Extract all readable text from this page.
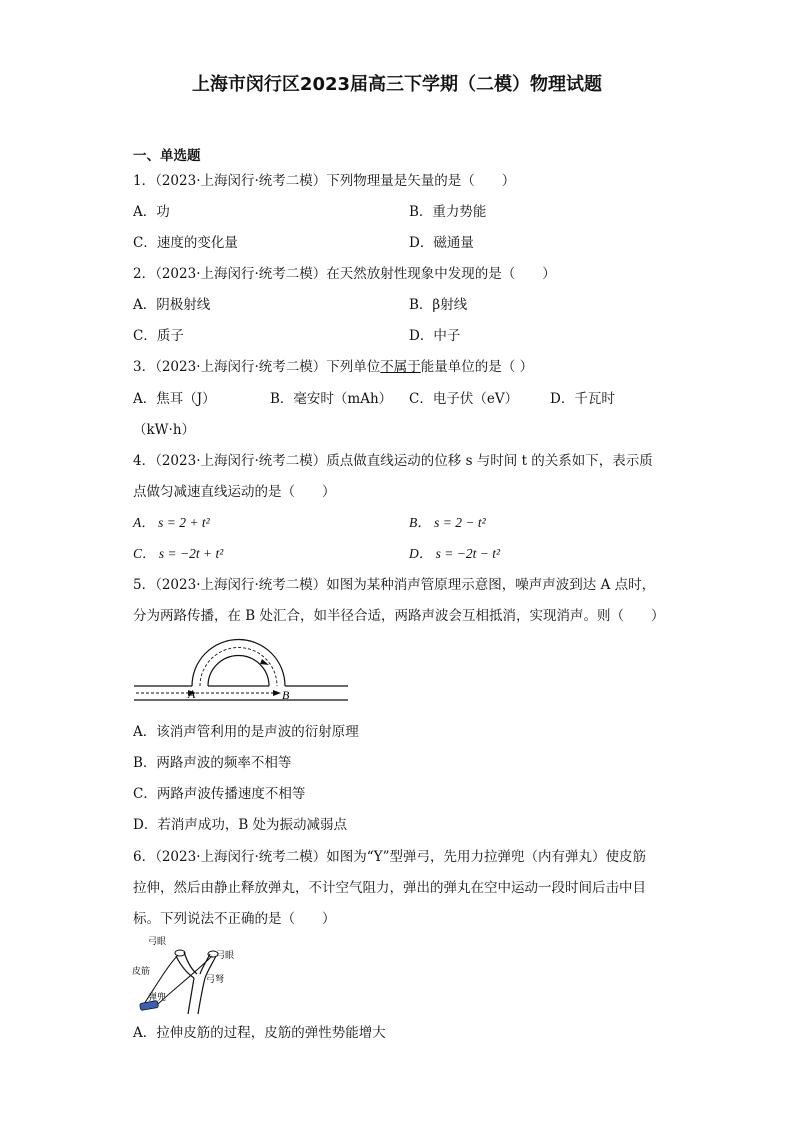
上海市闵行区2023届高三下学期（二模）物理试题
一、单选题
1．（2023·上海闵行·统考二模）下列物理量是矢量的是（　　）
A．功	B．重力势能
C．速度的变化量	D．磁通量
2．（2023·上海闵行·统考二模）在天然放射性现象中发现的是（　　）
A．阴极射线	B．β射线
C．质子	D．中子
3．（2023·上海闵行·统考二模）下列单位不属于能量单位的是（ ）
A．焦耳（J）	B．毫安时（mAh） C．电子伏（eV） D．千瓦时
（kW·h）
4．（2023·上海闵行·统考二模）质点做直线运动的位移 s 与时间 t 的关系如下，表示质
点做匀减速直线运动的是（　　）
A． s = 2 + t²	B． s = 2 − t²
C． s = −2t + t²	D． s = −2t − t²
5．（2023·上海闵行·统考二模）如图为某种消声管原理示意图，噪声声波到达 A 点时，
分为两路传播，在 B 处汇合，如半径合适，两路声波会互相抵消，实现消声。则（　　）
A	B
A．该消声管利用的是声波的衍射原理
B．两路声波的频率不相等
C．两路声波传播速度不相等
D．若消声成功，B 处为振动减弱点
6．（2023·上海闵行·统考二模）如图为“Y”型弹弓，先用力拉弹兜（内有弹丸）使皮筋
拉伸，然后由静止释放弹丸，不计空气阻力，弹出的弹丸在空中运动一段时间后击中目
标。下列说法不正确的是（　　）
弓眼
弓眼
皮筋
弓弩
弹兜
A．拉伸皮筋的过程，皮筋的弹性势能增大
